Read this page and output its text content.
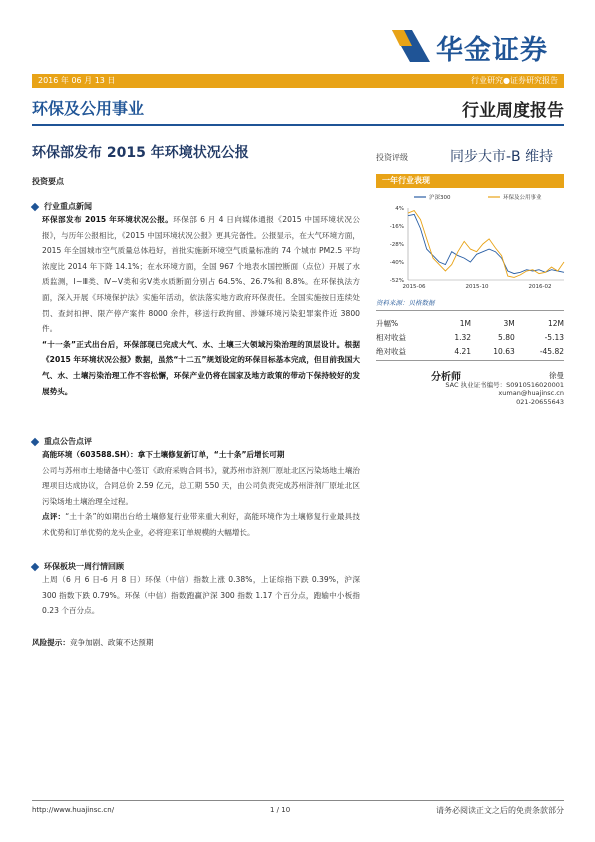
华金证券
2016 年 06 月 13 日	行业研究●证券研究报告
环保及公用事业	行业周度报告
环保部发布 2015 年环境状况公报	投资评级	同步大市-B 维持
投资要点
行业重点新闻

环保部发布 2015 年环境状况公报。环保部 6 月 4 日向媒体通报《2015 中国环境状况公报》，与历年公报相比，《2015 中国环境状况公报》更具完备性。公报显示，在大气环境方面，2015 年全国城市空气质量总体趋好，首批实施新环境空气质量标准的 74 个城市 PM2.5 平均浓度比 2014 年下降 14.1%；在水环境方面，全国 967 个地表水国控断面（点位）开展了水质监测，Ⅰ~Ⅲ类、Ⅳ~Ⅴ类和劣Ⅴ类水质断面分别占 64.5%、26.7%和 8.8%。在环保执法方面，深入开展《环境保护法》实施年活动，依法落实地方政府环保责任。全国实施按日连续处罚、查封扣押、限产停产案件 8000 余件，移送行政拘留、涉嫌环境污染犯罪案件近 3800 件。

“十一条”正式出台后，环保部现已完成大气、水、土壤三大领域污染治理的顶层设计。根据《2015 年环境状况公报》数据，虽然“十二五”规划设定的环保目标基本完成，但目前我国大气、水、土壤污染治理工作不容松懈，环保产业仍将在国家及地方政策的带动下保持较好的发展势头。

重点公告点评

高能环境（603588.SH）：拿下土壤修复新订单，“土十条”后增长可期

公司与苏州市土地储备中心签订《政府采购合同书》，就苏州市浒剂厂原址北区污染场地土壤治理项目达成协议，合同总价 2.59 亿元，总工期 550 天，由公司负责完成苏州浒剂厂原址北区污染场地土壤治理全过程。

点评：“土十条”的如期出台给土壤修复行业带来重大利好，高能环境作为土壤修复行业最具技术优势和订单优势的龙头企业，必将迎来订单规模的大幅增长。

环保板块一周行情回顾

上周（6 月 6 日-6 月 8 日）环保（中信）指数上涨 0.38%，上证综指下跌 0.39%，沪深 300 指数下跌 0.79%。环保（中信）指数跑赢沪深 300 指数 1.17 个百分点，跑输中小板指 0.23 个百分点。

风险提示：竞争加剧、政策不达预期
一年行业表现
4%
-16%
-28%
-40%
-52%
2015-06	2015-10	2016-02
沪深300	环保及公用事业
资料来源：贝格数据
升幅%	1M	3M	12M
相对收益	1.32	5.80	-5.13
绝对收益	4.21	10.63	-45.82
分析师	徐曼
SAC 执业证书编号：S0910516020001
xuman@huajinsc.cn
021-20655643
http://www.huajinsc.cn/	1 / 10	请务必阅读正文之后的免责条款部分
